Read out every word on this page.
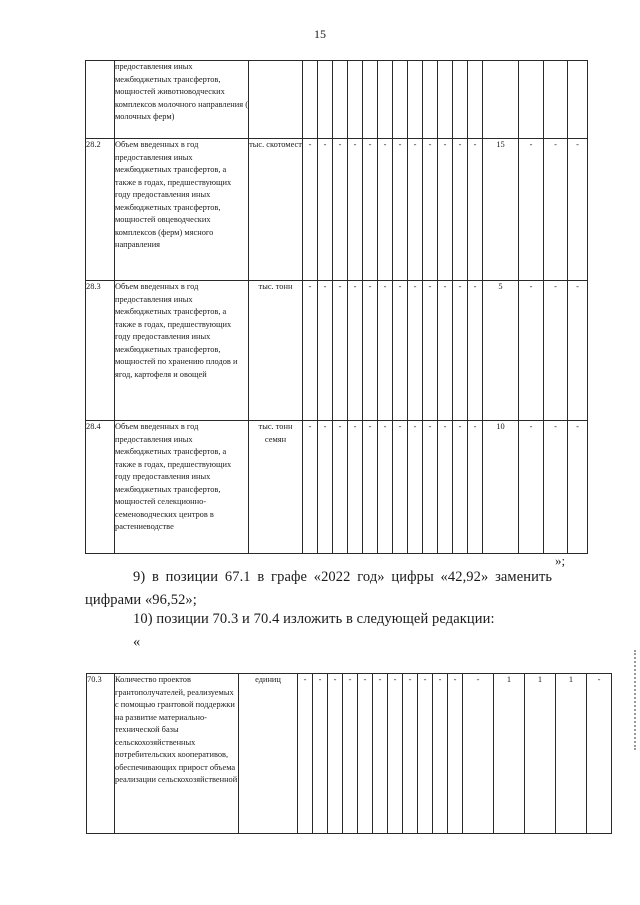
15
	предоставления иных межбюджетных трансфертов, мощностей животноводческих комплексов молочного направления ( молочных ферм)																	
28.2	Объем введенных в год предоставления иных межбюджетных трансфертов, а также в годах, предшествующих году предоставления иных межбюджетных трансфертов, мощностей овцеводческих комплексов (ферм) мясного направления	тыс. скотомест	-	-	-	-	-	-	-	-	-	-	-	-	15	-	-	-
28.3	Объем введенных в год предоставления иных межбюджетных трансфертов, а также в годах, предшествующих году предоставления иных межбюджетных трансфертов, мощностей по хранению плодов и ягод, картофеля и овощей	тыс. тонн	-	-	-	-	-	-	-	-	-	-	-	-	5	-	-	-
28.4	Объем введенных в год предоставления иных межбюджетных трансфертов, а также в годах, предшествующих году предоставления иных межбюджетных трансфертов, мощностей селекционно-семеноводческих центров в растениеводстве	тыс. тонн семян	-	-	-	-	-	-	-	-	-	-	-	-	10	-	-	-
»;
9) в позиции 67.1 в графе «2022 год» цифры «42,92» заменить
цифрами «96,52»;
10) позиции 70.3 и 70.4 изложить в следующей редакции:
«
70.3	Количество проектов грантополучателей, реализуемых с помощью грантовой поддержки на развитие материально-технической базы сельскохозяйственных потребительских кооперативов, обеспечивающих прирост объема реализации сельскохозяйственной	единиц	-	-	-	-	-	-	-	-	-	-	-	-	1	1	1	-
